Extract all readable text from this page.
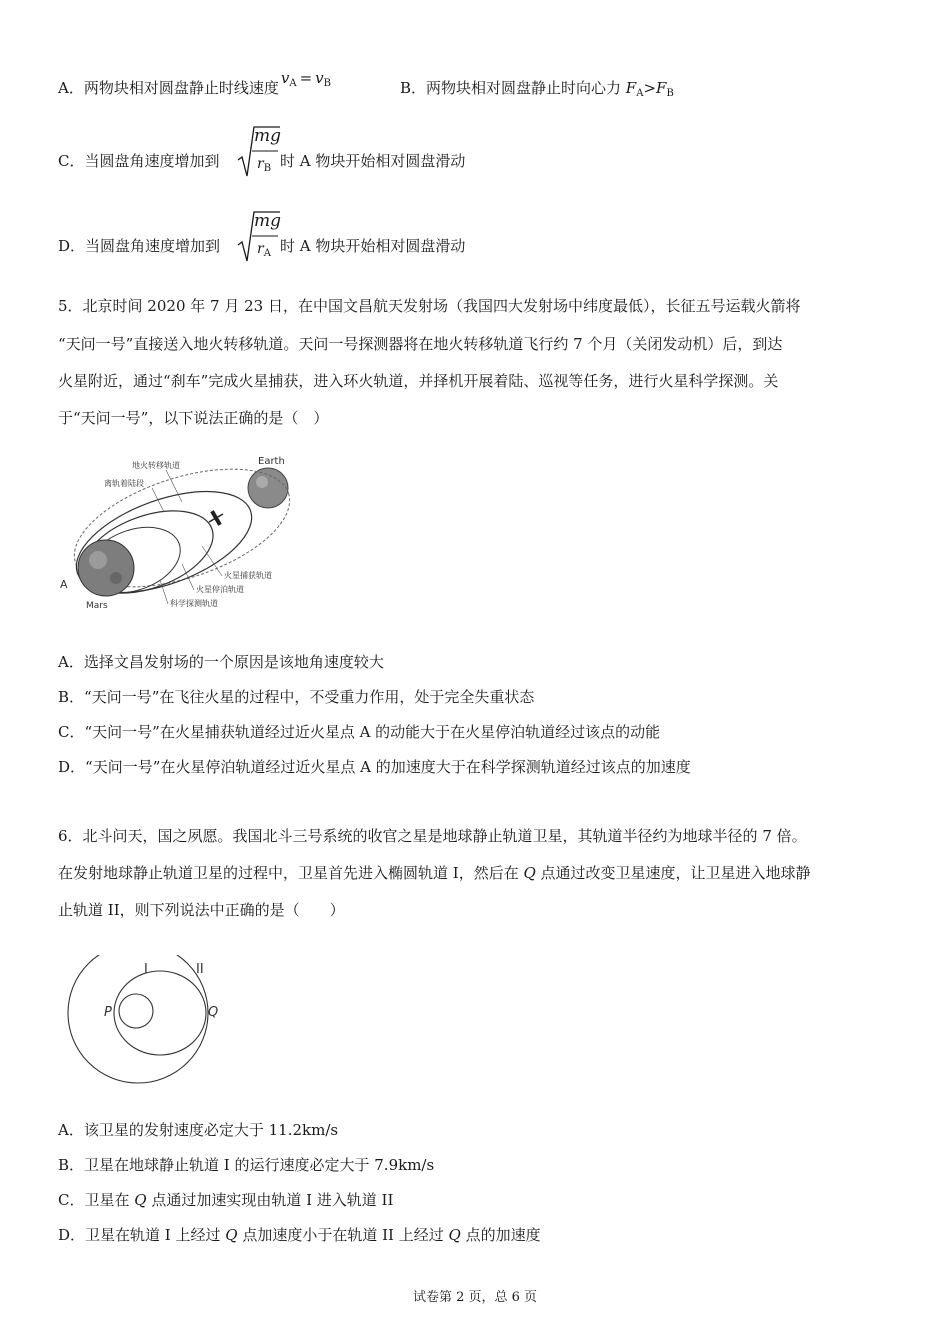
A．两物块相对圆盘静止时线速度$v^A = v^B$	B．两物块相对圆盘静止时向心力 $F_A>F_B$
C．当圆盘角速度增加到
mg
$r_B$ 时 A 物块开始相对圆盘滑动
D．当圆盘角速度增加到
mg
$r_A$ 时 A 物块开始相对圆盘滑动
5．北京时间 2020 年 7 月 23 日，在中国文昌航天发射场（我国四大发射场中纬度最低），长征五号运载火箭将
“天问一号”直接送入地火转移轨道。天问一号探测器将在地火转移轨道飞行约 7 个月（关闭发动机）后，到达
火星附近，通过“刹车”完成火星捕获，进入环火轨道，并择机开展着陆、巡视等任务，进行火星科学探测。关
于“天问一号”，以下说法正确的是（　）
Earth
地火转移轨道
离轨着陆段
火星捕获轨道
火星停泊轨道
科学探测轨道
A
Mars
A．选择文昌发射场的一个原因是该地角速度较大
B．“天问一号”在飞往火星的过程中，不受重力作用，处于完全失重状态
C．“天问一号”在火星捕获轨道经过近火星点 A 的动能大于在火星停泊轨道经过该点的动能
D．“天问一号”在火星停泊轨道经过近火星点 A 的加速度大于在科学探测轨道经过该点的加速度
6．北斗问天，国之夙愿。我国北斗三号系统的收官之星是地球静止轨道卫星，其轨道半径约为地球半径的 7 倍。
在发射地球静止轨道卫星的过程中，卫星首先进入椭圆轨道 I，然后在 Q 点通过改变卫星速度，让卫星进入地球静
止轨道 II，则下列说法中正确的是（　　）
I	II
P	Q
A．该卫星的发射速度必定大于 11.2km/s
B．卫星在地球静止轨道 I 的运行速度必定大于 7.9km/s
C．卫星在 Q 点通过加速实现由轨道 I 进入轨道 II
D．卫星在轨道 I 上经过 Q 点加速度小于在轨道 II 上经过 Q 点的加速度
试卷第 2 页，总 6 页
